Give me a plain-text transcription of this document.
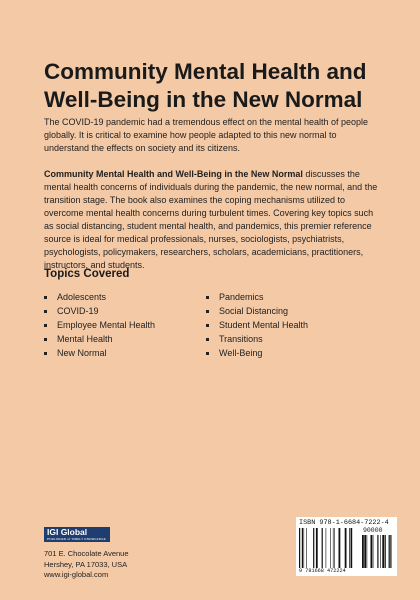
Community Mental Health and
Well-Being in the New Normal
The COVID-19 pandemic had a tremendous effect on the mental health of people globally. It is critical to examine how people adapted to this new normal to understand the effects on society and its citizens.
Community Mental Health and Well-Being in the New Normal discusses the mental health concerns of individuals during the pandemic, the new normal, and the transition stage. The book also examines the coping mechanisms utilized to overcome mental health concerns during turbulent times. Covering key topics such as social distancing, student mental health, and pandemics, this premier reference source is ideal for medical professionals, nurses, sociologists, psychiatrists, psychologists, policymakers, researchers, scholars, academicians, practitioners, instructors, and students.
Topics Covered
Adolescents
COVID-19
Employee Mental Health
Mental Health
New Normal
Pandemics
Social Distancing
Student Mental Health
Transitions
Well-Being
IGI Global
PUBLISHER of TIMELY KNOWLEDGE
701 E. Chocolate Avenue
Hershey, PA 17033, USA
www.igi-global.com
ISBN 978-1-6684-7222-4
90000
9 781668 472224
